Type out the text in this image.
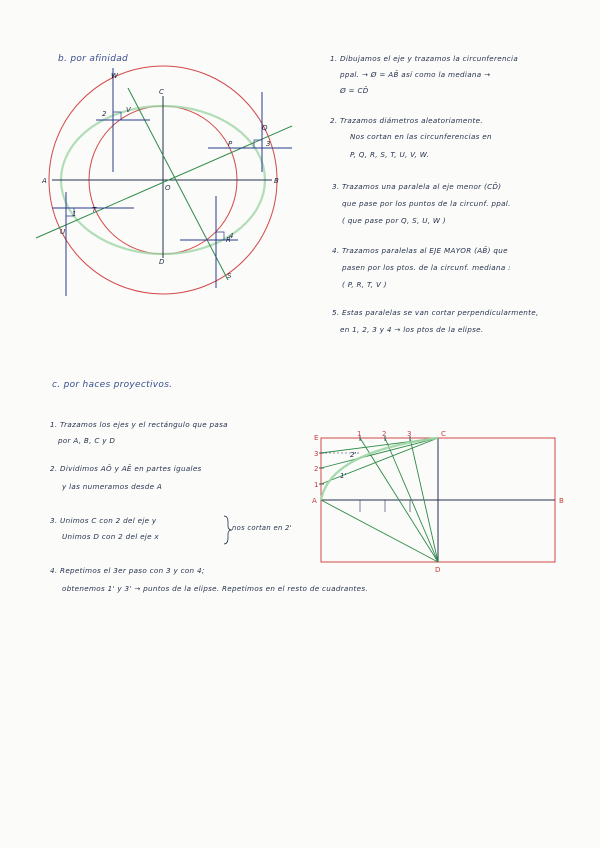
b. por afinidad	1. Dibujamos el eje y trazamos la circunferencia
ppal. → Ø = AB̄ así como la mediana →
Ø = CD̄
2. Trazamos diámetros aleatoriamente.
Nos cortan en las circunferencias en
P, Q, R, S, T, U, V, W.
3. Trazamos una paralela al eje menor (CD̄)
que pase por los puntos de la circunf. ppal.
( que pase por Q, S, U, W )
4. Trazamos paralelas al EJE MAYOR (AB̄) que
pasen por los ptos. de la circunf. mediana :
( P, R, T, V )
5. Estas paralelas se van cortar perpendicularmente,
en 1, 2, 3 y 4 → los ptos de la elipse.
c. por haces proyectivos.
1. Trazamos los ejes y el rectángulo que pasa
por A, B, C y D
2. Dividimos AŌ y AĒ en partes iguales
y las numeramos desde A
3. Unimos C con 2 del eje y
Unimos D con 2 del eje x
nos cortan en 2'
4. Repetimos el 3er paso con 3 y con 4;
obtenemos 1' y 3' → puntos de la elipse. Repetimos en el resto de cuadrantes.
A	B
C
D
O
P
Q
R
S
T
U
V
W
1
2
3
4
E
A	B
C
D
1	2	3
3
2
1
2'
1'
